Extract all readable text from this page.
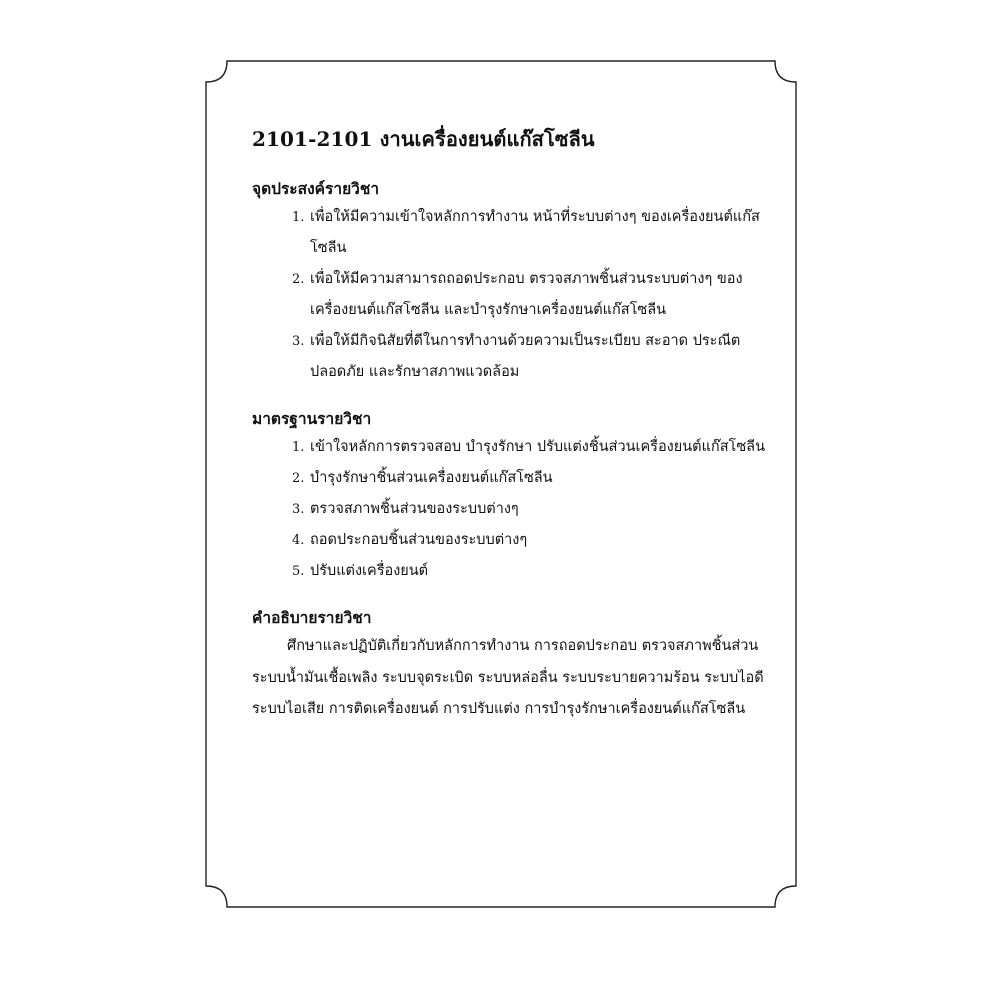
2101-2101 งานเครื่องยนต์แก๊สโซลีน
จุดประสงค์รายวิชา
1. เพื่อให้มีความเข้าใจหลักการทำงาน หน้าที่ระบบต่างๆ ของเครื่องยนต์แก๊สโซลีน
2. เพื่อให้มีความสามารถถอดประกอบ ตรวจสภาพชิ้นส่วนระบบต่างๆ ของเครื่องยนต์แก๊สโซลีน และบำรุงรักษาเครื่องยนต์แก๊สโซลีน
3. เพื่อให้มีกิจนิสัยที่ดีในการทำงานด้วยความเป็นระเบียบ สะอาด ประณีต ปลอดภัย และรักษาสภาพแวดล้อม
มาตรฐานรายวิชา
1. เข้าใจหลักการตรวจสอบ บำรุงรักษา ปรับแต่งชิ้นส่วนเครื่องยนต์แก๊สโซลีน
2. บำรุงรักษาชิ้นส่วนเครื่องยนต์แก๊สโซลีน
3. ตรวจสภาพชิ้นส่วนของระบบต่างๆ
4. ถอดประกอบชิ้นส่วนของระบบต่างๆ
5. ปรับแต่งเครื่องยนต์
คำอธิบายรายวิชา

ศึกษาและปฏิบัติเกี่ยวกับหลักการทำงาน การถอดประกอบ ตรวจสภาพชิ้นส่วนระบบน้ำมันเชื้อเพลิง ระบบจุดระเบิด ระบบหล่อลื่น ระบบระบายความร้อน ระบบไอดี ระบบไอเสีย การติดเครื่องยนต์ การปรับแต่ง การบำรุงรักษาเครื่องยนต์แก๊สโซลีน
